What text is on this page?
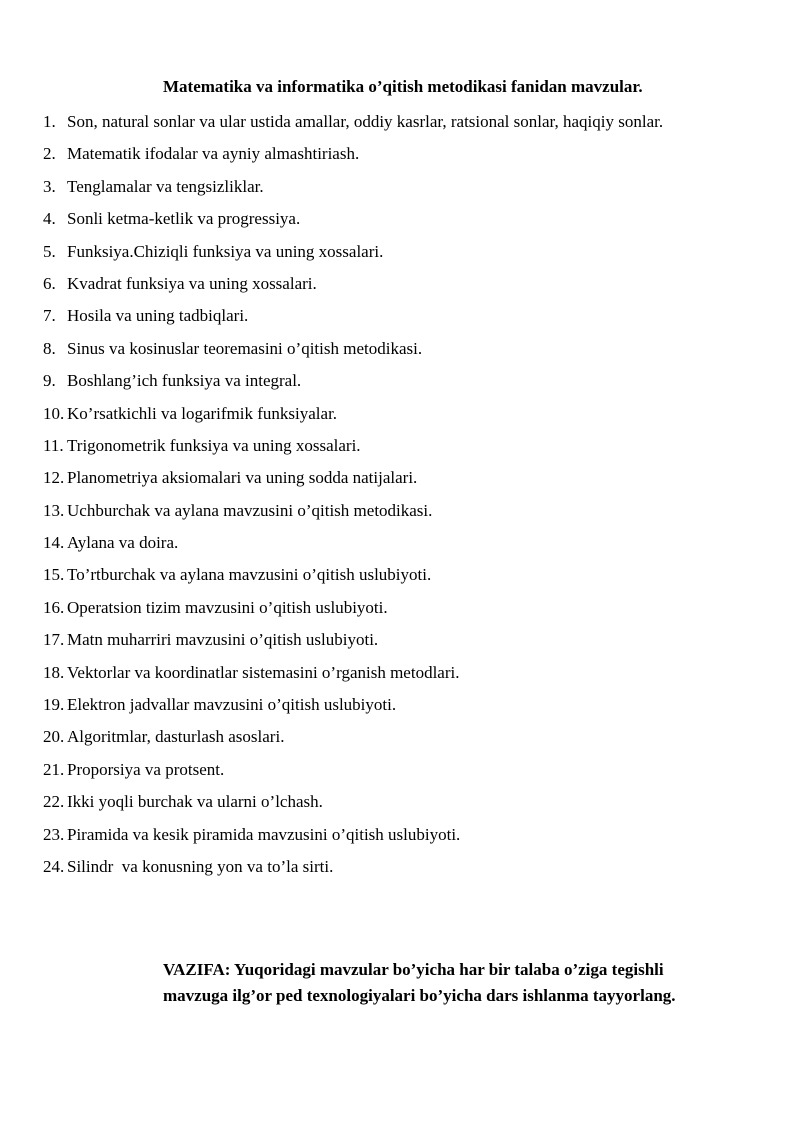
Matematika va informatika o’qitish metodikasi fanidan mavzular.
1. Son, natural sonlar va ular ustida amallar, oddiy kasrlar, ratsional sonlar, haqiqiy sonlar.
2. Matematik ifodalar va ayniy almashtiriash.
3. Tenglamalar va tengsizliklar.
4. Sonli ketma-ketlik va progressiya.
5. Funksiya.Chiziqli funksiya va uning xossalari.
6. Kvadrat funksiya va uning xossalari.
7. Hosila va uning tadbiqlari.
8. Sinus va kosinuslar teoremasini o’qitish metodikasi.
9. Boshlang’ich funksiya va integral.
10. Ko’rsatkichli va logarifmik funksiyalar.
11. Trigonometrik funksiya va uning xossalari.
12. Planometriya aksiomalari va uning sodda natijalari.
13. Uchburchak va aylana mavzusini o’qitish metodikasi.
14. Aylana va doira.
15. To’rtburchak va aylana mavzusini o’qitish uslubiyoti.
16. Operatsion tizim mavzusini o’qitish uslubiyoti.
17. Matn muharriri mavzusini o’qitish uslubiyoti.
18. Vektorlar va koordinatlar sistemasini o’rganish metodlari.
19. Elektron jadvallar mavzusini o’qitish uslubiyoti.
20. Algoritmlar, dasturlash asoslari.
21. Proporsiya va protsent.
22. Ikki yoqli burchak va ularni o’lchash.
23. Piramida va kesik piramida mavzusini o’qitish uslubiyoti.
24. Silindr  va konusning yon va to’la sirti.

VAZIFA: Yuqoridagi mavzular bo’yicha har bir talaba o’ziga tegishli
mavzuga ilg’or ped texnologiyalari bo’yicha dars ishlanma tayyorlang.
